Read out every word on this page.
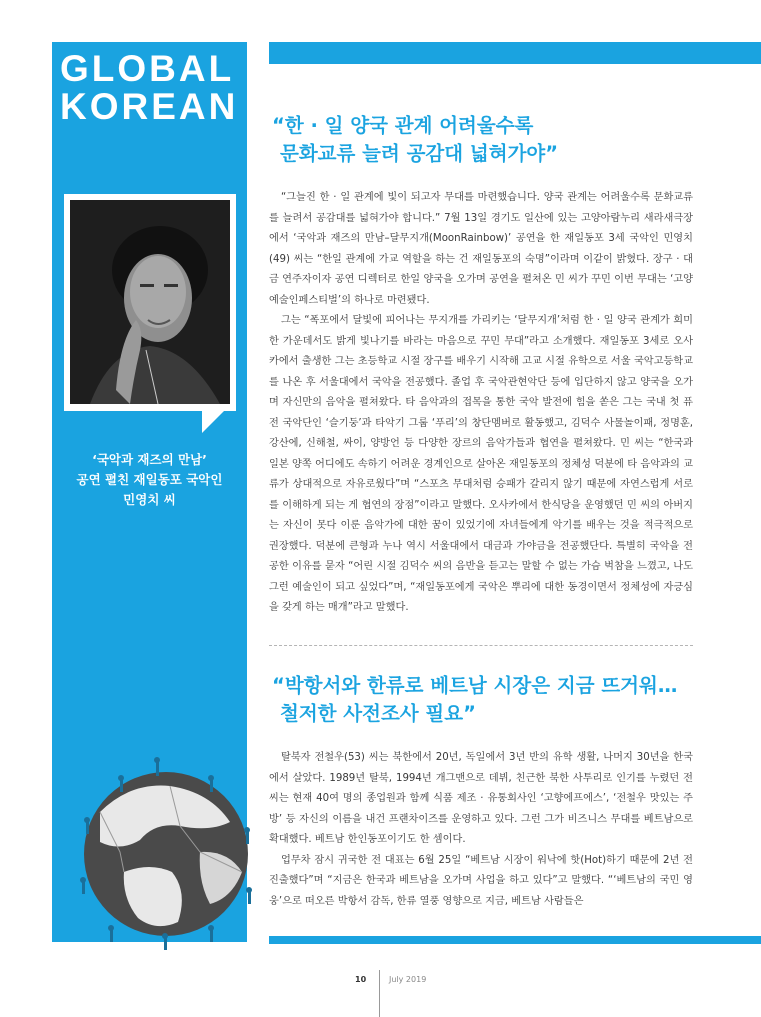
GLOBAL
KOREAN
‘국악과 재즈의 만남’
공연 펼친 재일동포 국악인
민영치 씨
“한 · 일 양국 관계 어려울수록
문화교류 늘려 공감대 넓혀가야”

“그늘진 한 · 일 관계에 빛이 되고자 무대를 마련했습니다. 양국 관계는 어려울수록 문화교류를 늘려서 공감대를 넓혀가야 합니다.” 7월 13일 경기도 일산에 있는 고양아람누리 새라새극장에서 ‘국악과 재즈의 만남–달무지개(MoonRainbow)’ 공연을 한 재일동포 3세 국악인 민영치(49) 씨는 “한일 관계에 가교 역할을 하는 건 재일동포의 숙명”이라며 이같이 밝혔다. 장구 · 대금 연주자이자 공연 디렉터로 한일 양국을 오가며 공연을 펼쳐온 민 씨가 꾸민 이번 무대는 ‘고양예술인페스티벌’의 하나로 마련됐다.

그는 “폭포에서 달빛에 피어나는 무지개를 가리키는 ‘달무지개’처럼 한 · 일 양국 관계가 희미한 가운데서도 밝게 빛나기를 바라는 마음으로 꾸민 무대”라고 소개했다. 재일동포 3세로 오사카에서 출생한 그는 초등학교 시절 장구를 배우기 시작해 고교 시절 유학으로 서울 국악고등학교를 나온 후 서울대에서 국악을 전공했다. 졸업 후 국악관현악단 등에 입단하지 않고 양국을 오가며 자신만의 음악을 펼쳐왔다. 타 음악과의 접목을 통한 국악 발전에 힘을 쏟은 그는 국내 첫 퓨전 국악단인 ‘슬기둥’과 타악기 그룹 ‘푸리’의 창단멤버로 활동했고, 김덕수 사물놀이패, 정명훈, 강산에, 신해철, 싸이, 양방언 등 다양한 장르의 음악가들과 협연을 펼쳐왔다. 민 씨는 “한국과 일본 양쪽 어디에도 속하기 어려운 경계인으로 살아온 재일동포의 정체성 덕분에 타 음악과의 교류가 상대적으로 자유로웠다”며 “스포츠 무대처럼 승패가 갈리지 않기 때문에 자연스럽게 서로를 이해하게 되는 게 협연의 장점”이라고 말했다. 오사카에서 한식당을 운영했던 민 씨의 아버지는 자신이 못다 이룬 음악가에 대한 꿈이 있었기에 자녀들에게 악기를 배우는 것을 적극적으로 권장했다. 덕분에 큰형과 누나 역시 서울대에서 대금과 가야금을 전공했단다. 특별히 국악을 전공한 이유를 묻자 “어린 시절 김덕수 씨의 음반을 듣고는 말할 수 없는 가슴 벅참을 느꼈고, 나도 그런 예술인이 되고 싶었다”며, “재일동포에게 국악은 뿌리에 대한 동경이면서 정체성에 자긍심을 갖게 하는 매개”라고 말했다.

“박항서와 한류로 베트남 시장은 지금 뜨거워…
철저한 사전조사 필요”

탈북자 전철우(53) 씨는 북한에서 20년, 독일에서 3년 반의 유학 생활, 나머지 30년을 한국에서 살았다. 1989년 탈북, 1994년 개그맨으로 데뷔, 친근한 북한 사투리로 인기를 누렸던 전 씨는 현재 40여 명의 종업원과 함께 식품 제조 · 유통회사인 ‘고향에프에스’, ‘전철우 맛있는 주방’ 등 자신의 이름을 내건 프랜차이즈를 운영하고 있다. 그런 그가 비즈니스 무대를 베트남으로 확대했다. 베트남 한인동포이기도 한 셈이다.

업무차 잠시 귀국한 전 대표는 6월 25일 “베트남 시장이 워낙에 핫(Hot)하기 때문에 2년 전 진출했다”며 “지금은 한국과 베트남을 오가며 사업을 하고 있다”고 말했다. “‘베트남의 국민 영웅’으로 떠오른 박항서 감독, 한류 열풍 영향으로 지금, 베트남 사람들은

10	July 2019
